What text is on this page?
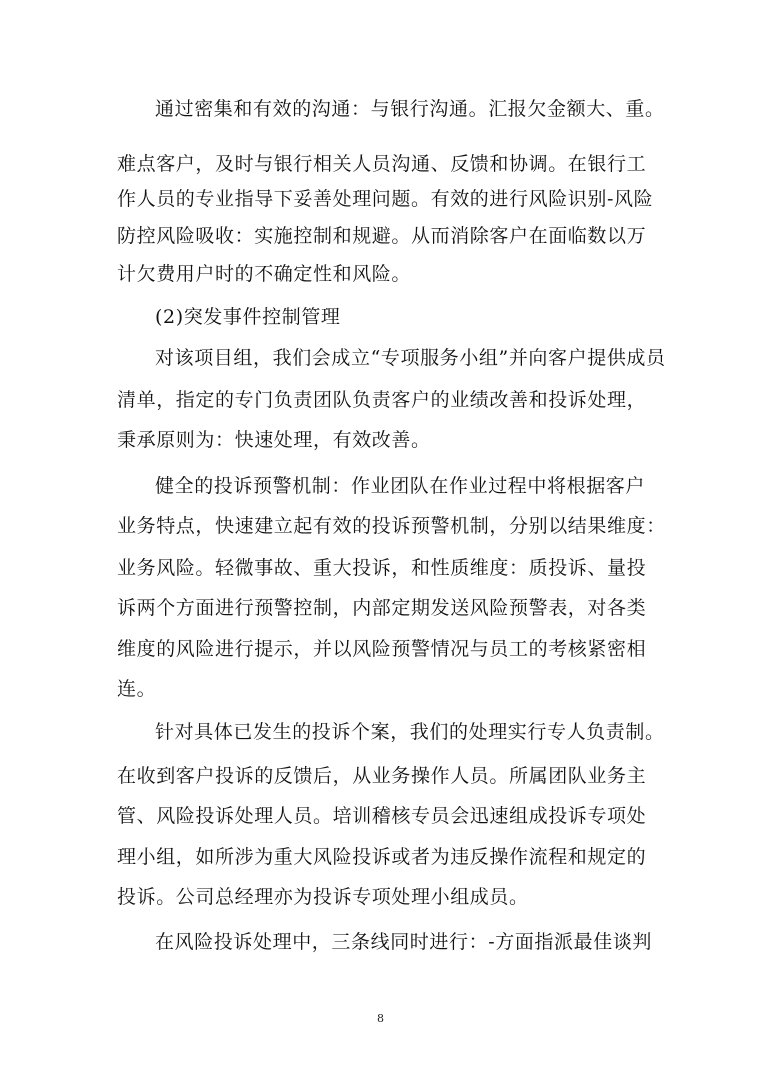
通过密集和有效的沟通：与银行沟通。汇报欠金额大、重。
难点客户，及时与银行相关人员沟通、反馈和协调。在银行工
作人员的专业指导下妥善处理问题。有效的进行风险识别-风险
防控风险吸收：实施控制和规避。从而消除客户在面临数以万
计欠费用户时的不确定性和风险。
(2)突发事件控制管理
对该项目组，我们会成立“专项服务小组”并向客户提供成员
清单，指定的专门负责团队负责客户的业绩改善和投诉处理，
秉承原则为：快速处理，有效改善。
健全的投诉预警机制：作业团队在作业过程中将根据客户
业务特点，快速建立起有效的投诉预警机制，分别以结果维度：
业务风险。轻微事故、重大投诉，和性质维度：质投诉、量投
诉两个方面进行预警控制，内部定期发送风险预警表，对各类
维度的风险进行提示，并以风险预警情况与员工的考核紧密相
连。
针对具体已发生的投诉个案，我们的处理实行专人负责制。
在收到客户投诉的反馈后，从业务操作人员。所属团队业务主
管、风险投诉处理人员。培训稽核专员会迅速组成投诉专项处
理小组，如所涉为重大风险投诉或者为违反操作流程和规定的
投诉。公司总经理亦为投诉专项处理小组成员。
在风险投诉处理中，三条线同时进行：-方面指派最佳谈判
8
